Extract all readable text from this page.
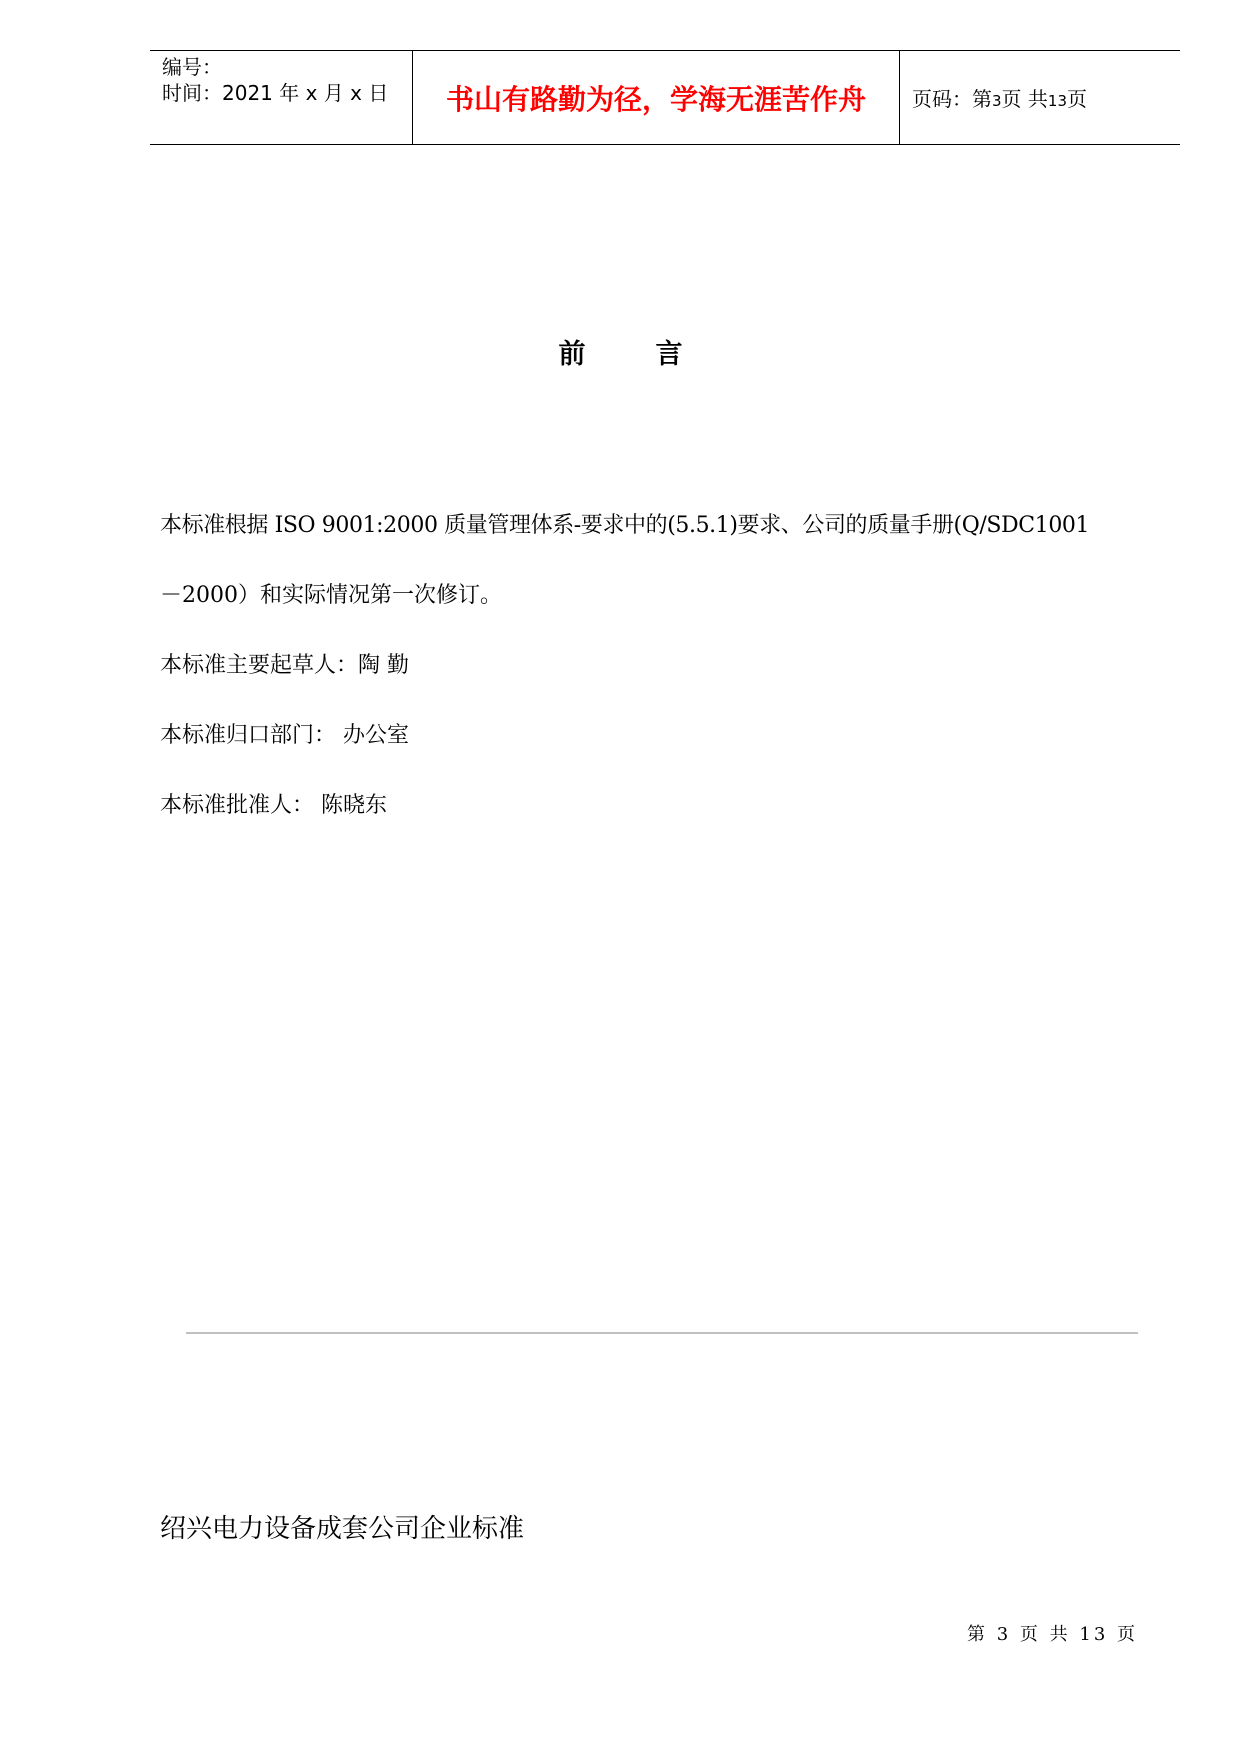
编号：
时间：2021 年 x 月 x 日 书山有路勤为径，学海无涯苦作舟 页码：第3页 共13页
前	言
本标准根据 ISO 9001:2000 质量管理体系-要求中的(5.5.1)要求、公司的质量手册(Q/SDC1001
－2000）和实际情况第一次修订。
本标准主要起草人：陶 勤
本标准归口部门： 办公室
本标准批准人： 陈晓东
绍兴电力设备成套公司企业标准
第 3 页 共 13 页
